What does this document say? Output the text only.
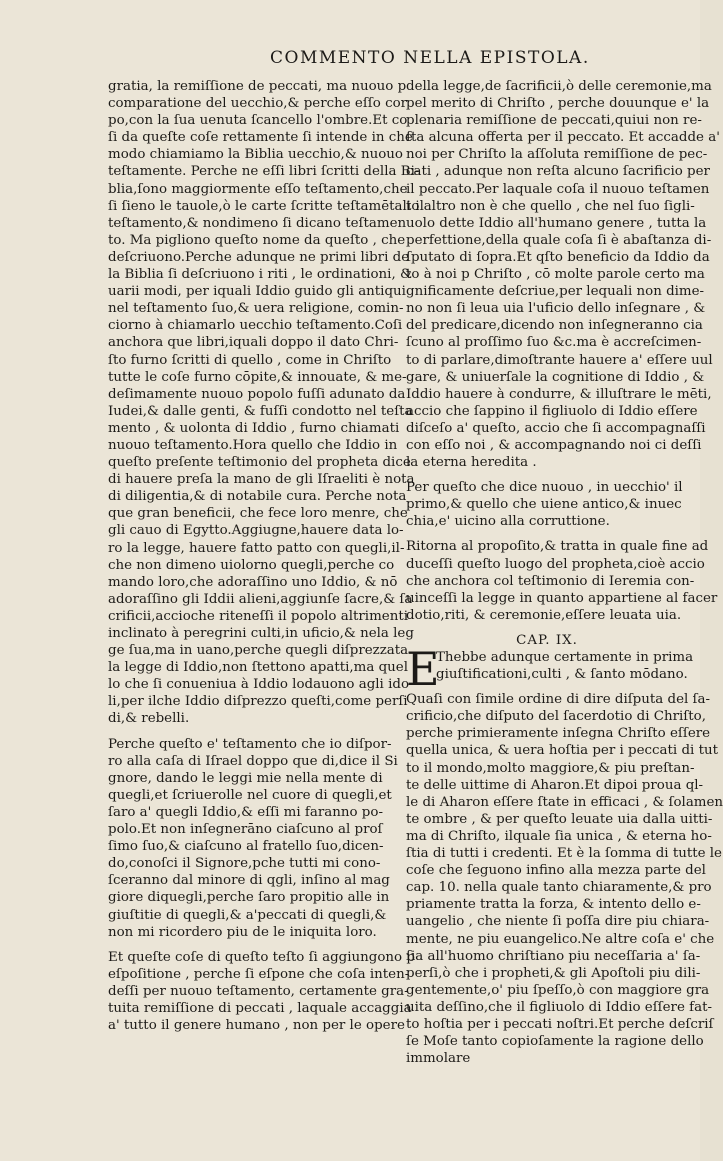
COMMENTO NELLA EPISTOLA.
gratia, la remiſſione de peccati, ma nuouo p
comparatione del uecchio,& perche eſſo cor
po,con la ſua uenuta ſcancello l'ombre.Et co
ſi da queſte coſe rettamente ſi intende in che
modo chiamiamo la Biblia uecchio,& nuouo
teſtamente. Perche ne eſſi libri ſcritti della Bi-
blia,ſono maggiormente eſſo teſtamento,che
ſi ſieno le tauole,ò le carte ſcritte teſtamētali il
teſtamento,& nondimeno ſi dicano teſtamen
to. Ma pigliono queſto nome da queſto , che
deſcriuono.Perche adunque ne primi libri de
la Biblia ſi deſcriuono i riti , le ordinationi, &
uarii modi, per iquali Iddio guido gli antiqui
nel teſtamento ſuo,& uera religione, comin-
ciorno à chiamarlo uecchio teſtamento.Coſi
anchora que libri,iquali doppo il dato Chri-
ſto furno ſcritti di quello , come in Chriſto
tutte le coſe furno cōpite,& innouate, & me-
deſimamente nuouo popolo fuſſi adunato da
Iudei,& dalle genti, & fuſſi condotto nel teſta
mento , & uolonta di Iddio , furno chiamati
nuouo teſtamento.Hora quello che Iddio in
queſto preſente teſtimonio del propheta dice
di hauere preſa la mano de gli Iſraeliti è nota
di diligentia,& di notabile cura. Perche nota
que gran beneficii, che fece loro menre, che
gli cauo di Egytto.Aggiugne,hauere data lo-
ro la legge, hauere fatto patto con quegli,il-
che non dimeno uiolorno quegli,perche co
mando loro,che adoraſſino uno Iddio, & nō
adoraſſino gli Iddii alieni,aggiunſe ſacre,& ſa
crificii,accioche riteneſſi il popolo altrimenti
inclinato à peregrini culti,in uficio,& nela leg
ge ſua,ma in uano,perche quegli diſprezzata
la legge di Iddio,non ſtettono apatti,ma quel
lo che ſi conueniua à Iddio lodauono agli ido
li,per ilche Iddio diſprezzo queſti,come perſi
di,& rebelli.
Perche queſto e' teſtamento che io diſpor-
ro alla caſa di Iſrael doppo que di,dice il Si
gnore, dando le leggi mie nella mente di
quegli,et ſcriuerolle nel cuore di quegli,et
ſaro a' quegli Iddio,& eſſi mi faranno po-
polo.Et non inſegnerāno ciaſcuno al proſ
ſimo ſuo,& ciaſcuno al fratello ſuo,dicen-
do,conoſci il Signore,pche tutti mi cono-
ſceranno dal minore di qgli, inſino al mag
giore diquegli,perche ſaro propitio alle in
giuſtitie di quegli,& a'peccati di quegli,&
non mi ricordero piu de le iniquita loro.
Et queſte coſe di queſto teſto ſi aggiungono p
eſpoſitione , perche ſi eſpone che coſa inten-
deſſi per nuouo teſtamento, certamente gra-
tuita remiſſione di peccati , laquale accaggia
a' tutto il genere humano , non per le opere
della legge,de ſacrificii,ò delle ceremonie,ma
pel merito di Chriſto , perche douunque e' la
plenaria remiſſione de peccati,quiui non re-
ſta alcuna offerta per il peccato. Et accadde a'
noi per Chriſto la aſſoluta remiſſione de pec-
cati , adunque non reſta alcuno ſacrificio per
il peccato.Per laquale coſa il nuouo teſtamen
to altro non è che quello , che nel ſuo ſigli-
uolo dette Iddio all'humano genere , tutta la
perfettione,della quale coſa ſi è abaſtanza di-
ſputato di ſopra.Et qſto beneficio da Iddio da
to à noi p Chriſto , cō molte parole certo ma
gnificamente deſcriue,per lequali non dime-
no non ſi leua uia l'uficio dello inſegnare , &
del predicare,dicendo non inſegneranno cia
ſcuno al proſſimo ſuo &c.ma è accreſcimen-
to di parlare,dimoſtrante hauere a' eſſere uul
gare, & uniuerſale la cognitione di Iddio , &
Iddio hauere à condurre, & illuſtrare le mēti,
accio che ſappino il figliuolo di Iddio eſſere
diſceſo a' queſto, accio che ſi accompagnaſſi
con eſſo noi , & accompagnando noi ci deſſi
la eterna heredita .
Per queſto che dice nuouo , in uecchio' il
primo,& quello che uiene antico,& inuec
chia,e' uicino alla corruttione.
Ritorna al propoſito,& tratta in quale fine ad
duceſſi queſto luogo del propheta,cioè accio
che anchora col teſtimonio di Ieremia con-
uinceſſi la legge in quanto appartiene al facer
dotio,riti, & ceremonie,eſſere leuata uia.
CAP. IX.
E
Thebbe adunque certamente in prima
giuſtificationi,culti , & ſanto mōdano.
Quaſi con ſimile ordine di dire diſputa del ſa-
crificio,che diſputo del ſacerdotio di Chriſto,
perche primieramente inſegna Chriſto eſſere
quella unica, & uera hoſtia per i peccati di tut
to il mondo,molto maggiore,& piu preſtan-
te delle uittime di Aharon.Et dipoi proua ql-
le di Aharon eſſere ſtate in efficaci , & ſolamen
te ombre , & per queſto leuate uia dalla uitti-
ma di Chriſto, ilquale ſia unica , & eterna ho-
ſtia di tutti i credenti. Et è la ſomma di tutte le
coſe che ſeguono infino alla mezza parte del
cap. 10. nella quale tanto chiaramente,& pro
priamente tratta la forza, & intento dello e-
uangelio , che niente ſi poſſa dire piu chiara-
mente, ne piu euangelico.Ne altre coſa e' che
ſia all'huomo chriſtiano piu neceſſaria a' ſa-
perſi,ò che i propheti,& gli Apoſtoli piu dili-
gentemente,o' piu ſpeſſo,ò con maggiore gra
uita deſſino,che il figliuolo di Iddio eſſere fat-
to hoſtia per i peccati noſtri.Et perche deſcriſ
ſe Moſe tanto copioſamente la ragione dello
immolare
